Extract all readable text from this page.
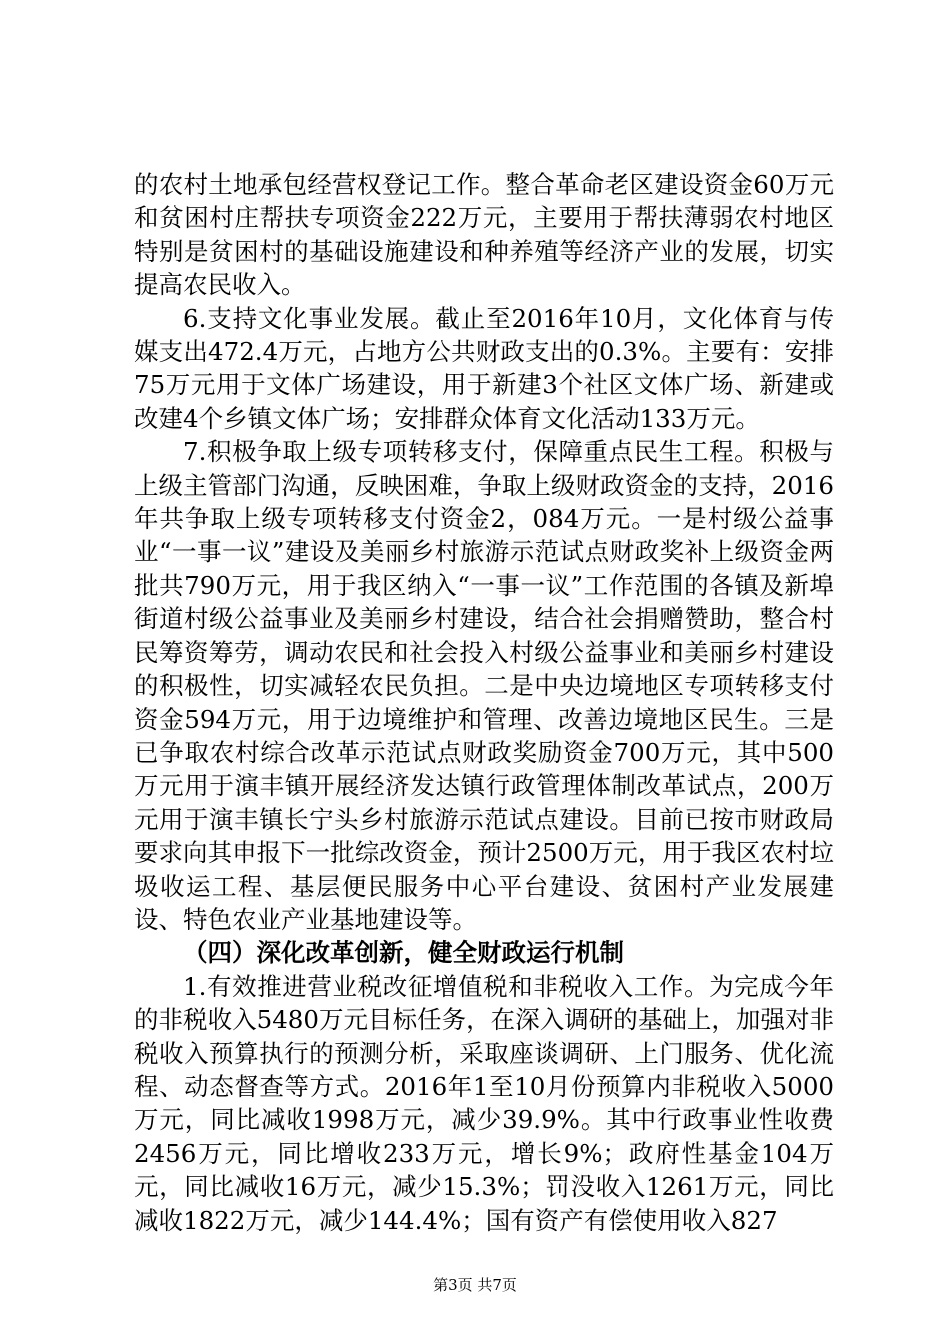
的农村土地承包经营权登记工作。整合革命老区建设资金60万元和贫困村庄帮扶专项资金222万元，主要用于帮扶薄弱农村地区特别是贫困村的基础设施建设和种养殖等经济产业的发展，切实提高农民收入。

6.支持文化事业发展。截止至2016年10月，文化体育与传媒支出472.4万元，占地方公共财政支出的0.3%。主要有：安排75万元用于文体广场建设，用于新建3个社区文体广场、新建或改建4个乡镇文体广场；安排群众体育文化活动133万元。

7.积极争取上级专项转移支付，保障重点民生工程。积极与上级主管部门沟通，反映困难，争取上级财政资金的支持，2016年共争取上级专项转移支付资金2，084万元。一是村级公益事业“一事一议”建设及美丽乡村旅游示范试点财政奖补上级资金两批共790万元，用于我区纳入“一事一议”工作范围的各镇及新埠街道村级公益事业及美丽乡村建设，结合社会捐赠赞助，整合村民筹资筹劳，调动农民和社会投入村级公益事业和美丽乡村建设的积极性，切实减轻农民负担。二是中央边境地区专项转移支付资金594万元，用于边境维护和管理、改善边境地区民生。三是已争取农村综合改革示范试点财政奖励资金700万元，其中500万元用于演丰镇开展经济发达镇行政管理体制改革试点，200万元用于演丰镇长宁头乡村旅游示范试点建设。目前已按市财政局要求向其申报下一批综改资金，预计2500万元，用于我区农村垃圾收运工程、基层便民服务中心平台建设、贫困村产业发展建设、特色农业产业基地建设等。

（四）深化改革创新，健全财政运行机制

1.有效推进营业税改征增值税和非税收入工作。为完成今年的非税收入5480万元目标任务，在深入调研的基础上，加强对非税收入预算执行的预测分析，采取座谈调研、上门服务、优化流程、动态督查等方式。2016年1至10月份预算内非税收入5000万元，同比减收1998万元，减少39.9%。其中行政事业性收费2456万元，同比增收233万元，增长9%；政府性基金104万元，同比减收16万元，减少15.3%；罚没收入1261万元，同比减收1822万元，减少144.4%；国有资产有偿使用收入827

第3页 共7页
